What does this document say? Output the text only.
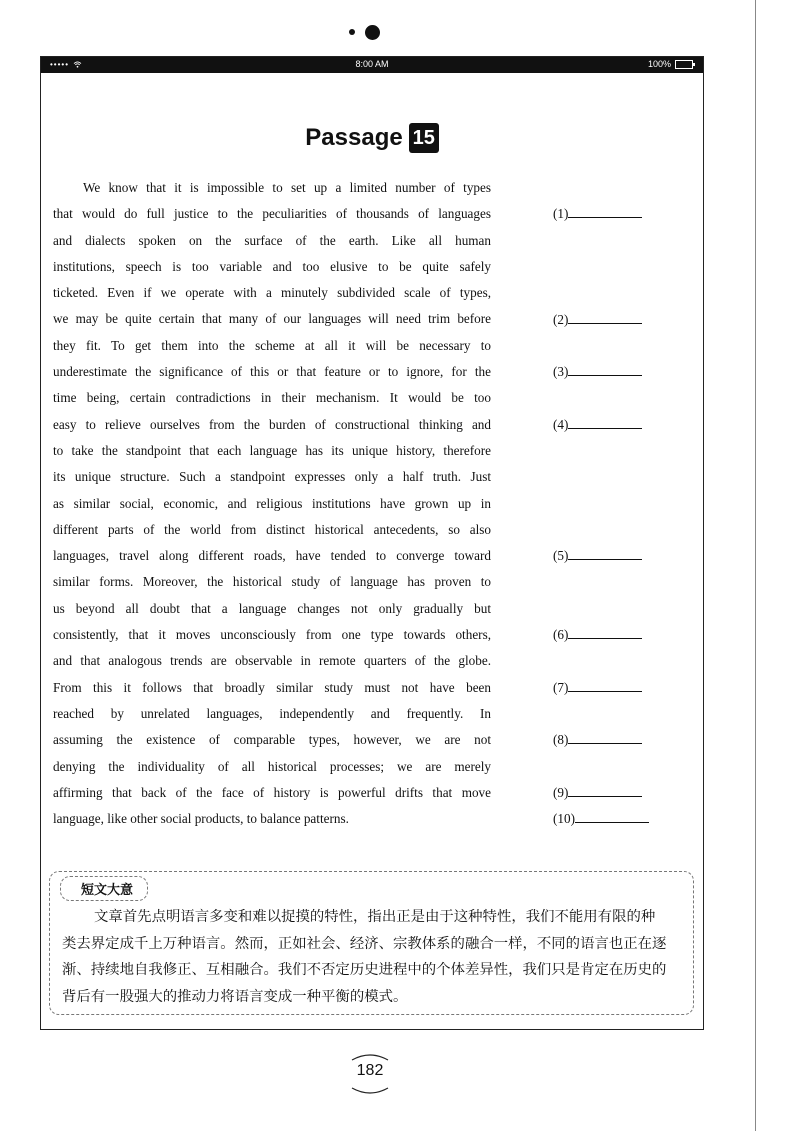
•••••	8:00 AM	100%
Passage 15
We know that it is impossible to set up a limited number of types
that would do full justice to the peculiarities of thousands of languages
and dialects spoken on the surface of the earth. Like all human
institutions, speech is too variable and too elusive to be quite safely
ticketed. Even if we operate with a minutely subdivided scale of types,
we may be quite certain that many of our languages will need trim before
they fit. To get them into the scheme at all it will be necessary to
underestimate the significance of this or that feature or to ignore, for the
time being, certain contradictions in their mechanism. It would be too
easy to relieve ourselves from the burden of constructional thinking and
to take the standpoint that each language has its unique history, therefore
its unique structure. Such a standpoint expresses only a half truth. Just
as similar social, economic, and religious institutions have grown up in
different parts of the world from distinct historical antecedents, so also
languages, travel along different roads, have tended to converge toward
similar forms. Moreover, the historical study of language has proven to
us beyond all doubt that a language changes not only gradually but
consistently, that it moves unconsciously from one type towards others,
and that analogous trends are observable in remote quarters of the globe.
From this it follows that broadly similar study must not have been
reached by unrelated languages, independently and frequently. In
assuming the existence of comparable types, however, we are not
denying the individuality of all historical processes; we are merely
affirming that back of the face of history is powerful drifts that move
language, like other social products, to balance patterns.
(1)
(2)
(3)
(4)
(5)
(6)
(7)
(8)
(9)
(10)
短文大意
文章首先点明语言多变和难以捉摸的特性，指出正是由于这种特性，我们不能用有限的种
类去界定成千上万种语言。然而，正如社会、经济、宗教体系的融合一样，不同的语言也正在逐
渐、持续地自我修正、互相融合。我们不否定历史进程中的个体差异性，我们只是肯定在历史的
背后有一股强大的推动力将语言变成一种平衡的模式。
182
